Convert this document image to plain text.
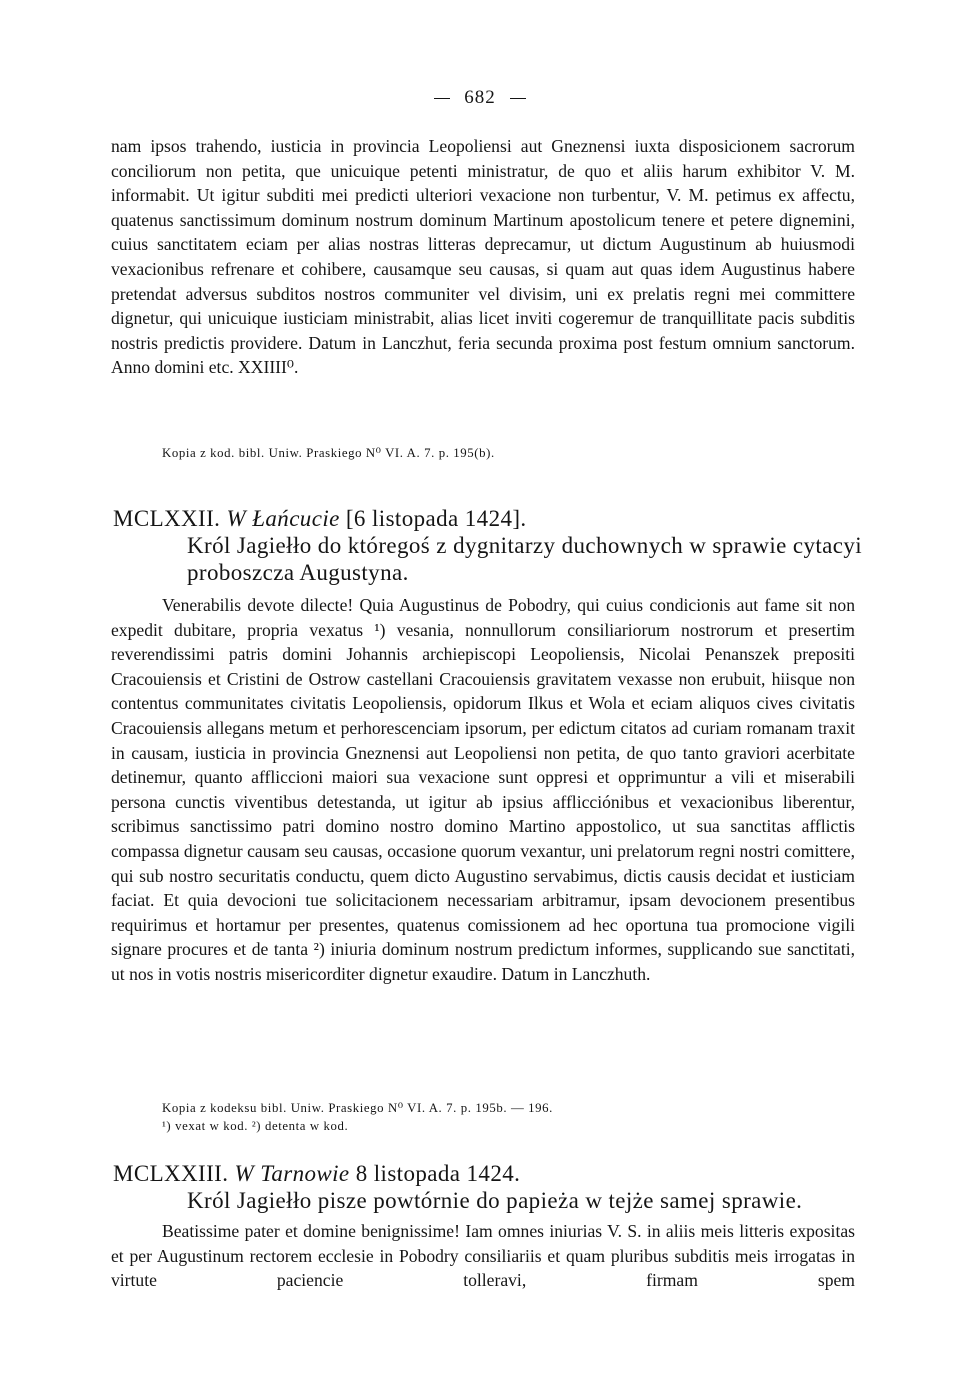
682
nam ipsos trahendo, iusticia in provincia Leopoliensi aut Gneznensi iuxta disposicionem sacrorum conciliorum non petita, que unicuique petenti ministratur, de quo et aliis harum exhibitor V. M. informabit. Ut igitur subditi mei predicti ulteriori vexacione non turbentur, V. M. petimus ex affectu, quatenus sanctissimum dominum nostrum dominum Martinum apostolicum tenere et petere dignemini, cuius sanctitatem eciam per alias nostras litteras deprecamur, ut dictum Augustinum ab huiusmodi vexacionibus refrenare et cohibere, causamque seu causas, si quam aut quas idem Augustinus habere pretendat adversus subditos nostros communiter vel divisim, uni ex prelatis regni mei committere dignetur, qui unicuique iusticiam ministrabit, alias licet inviti cogeremur de tranquillitate pacis subditis nostris predictis providere. Datum in Lanczhut, feria secunda proxima post festum omnium sanctorum. Anno domini etc. XXIIII⁰.
Kopia z kod. bibl. Uniw. Praskiego N⁰ VI. A. 7. p. 195(b).
MCLXXII. W Łańcucie [6 listopada 1424].
Król Jagiełło do któregoś z dygnitarzy duchownych w sprawie cytacyi proboszcza Augustyna.
Venerabilis devote dilecte! Quia Augustinus de Pobodry, qui cuius condicionis aut fame sit non expedit dubitare, propria vexatus ¹) vesania, nonnullorum consiliariorum nostrorum et presertim reverendissimi patris domini Johannis archiepiscopi Leopoliensis, Nicolai Penanszek prepositi Cracouiensis et Cristini de Ostrow castellani Cracouiensis gravitatem vexasse non erubuit, hiisque non contentus communitates civitatis Leopoliensis, opidorum Ilkus et Wola et eciam aliquos cives civitatis Cracouiensis allegans metum et perhorescenciam ipsorum, per edictum citatos ad curiam romanam traxit in causam, iusticia in provincia Gneznensi aut Leopoliensi non petita, de quo tanto graviori acerbitate detinemur, quanto affliccioni maiori sua vexacione sunt oppresi et opprimuntur a vili et miserabili persona cunctis viventibus detestanda, ut igitur ab ipsius afflicciónibus et vexacionibus liberentur, scribimus sanctissimo patri domino nostro domino Martino appostolico, ut sua sanctitas afflictis compassa dignetur causam seu causas, occasione quorum vexantur, uni prelatorum regni nostri comittere, qui sub nostro securitatis conductu, quem dicto Augustino servabimus, dictis causis decidat et iusticiam faciat. Et quia devocioni tue solicitacionem necessariam arbitramur, ipsam devocionem presentibus requirimus et hortamur per presentes, quatenus comissionem ad hec oportuna tua promocione vigili signare procures et de tanta ²) iniuria dominum nostrum predictum informes, supplicando sue sanctitati, ut nos in votis nostris misericorditer dignetur exaudire. Datum in Lanczhuth.
Kopia z kodeksu bibl. Uniw. Praskiego N⁰ VI. A. 7. p. 195b. — 196.
¹) vexat w kod. ²) detenta w kod.
MCLXXIII. W Tarnowie 8 listopada 1424.
Król Jagiełło pisze powtórnie do papieża w tejże samej sprawie.
Beatissime pater et domine benignissime! Iam omnes iniurias V. S. in aliis meis litteris expositas et per Augustinum rectorem ecclesie in Pobodry consiliariis et quam pluribus subditis meis irrogatas in virtute paciencie tolleravi, firmam spem
